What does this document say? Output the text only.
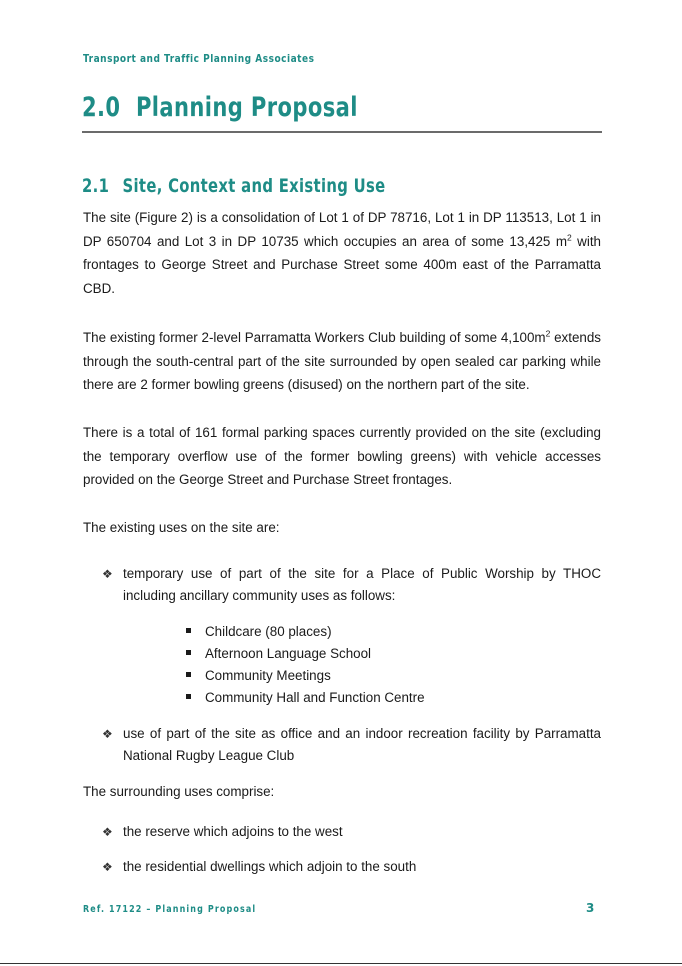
Transport and Traffic Planning Associates
2.0 Planning Proposal
2.1 Site, Context and Existing Use

The site (Figure 2) is a consolidation of Lot 1 of DP 78716, Lot 1 in DP 113513, Lot 1 in DP 650704 and Lot 3 in DP 10735 which occupies an area of some 13,425 $m^2$ with frontages to George Street and Purchase Street some 400m east of the Parramatta CBD.

The existing former 2-level Parramatta Workers Club building of some $4,100m^2$ extends through the south-central part of the site surrounded by open sealed car parking while there are 2 former bowling greens (disused) on the northern part of the site.

There is a total of 161 formal parking spaces currently provided on the site (excluding the temporary overflow use of the former bowling greens) with vehicle accesses provided on the George Street and Purchase Street frontages.

The existing uses on the site are:

❖ temporary use of part of the site for a Place of Public Worship by THOC including ancillary community uses as follows:
Childcare (80 places)
Afternoon Language School
Community Meetings
Community Hall and Function Centre
❖ use of part of the site as office and an indoor recreation facility by Parramatta National Rugby League Club

The surrounding uses comprise:

❖ the reserve which adjoins to the west
❖ the residential dwellings which adjoin to the south
Ref. 17122 – Planning Proposal	3
